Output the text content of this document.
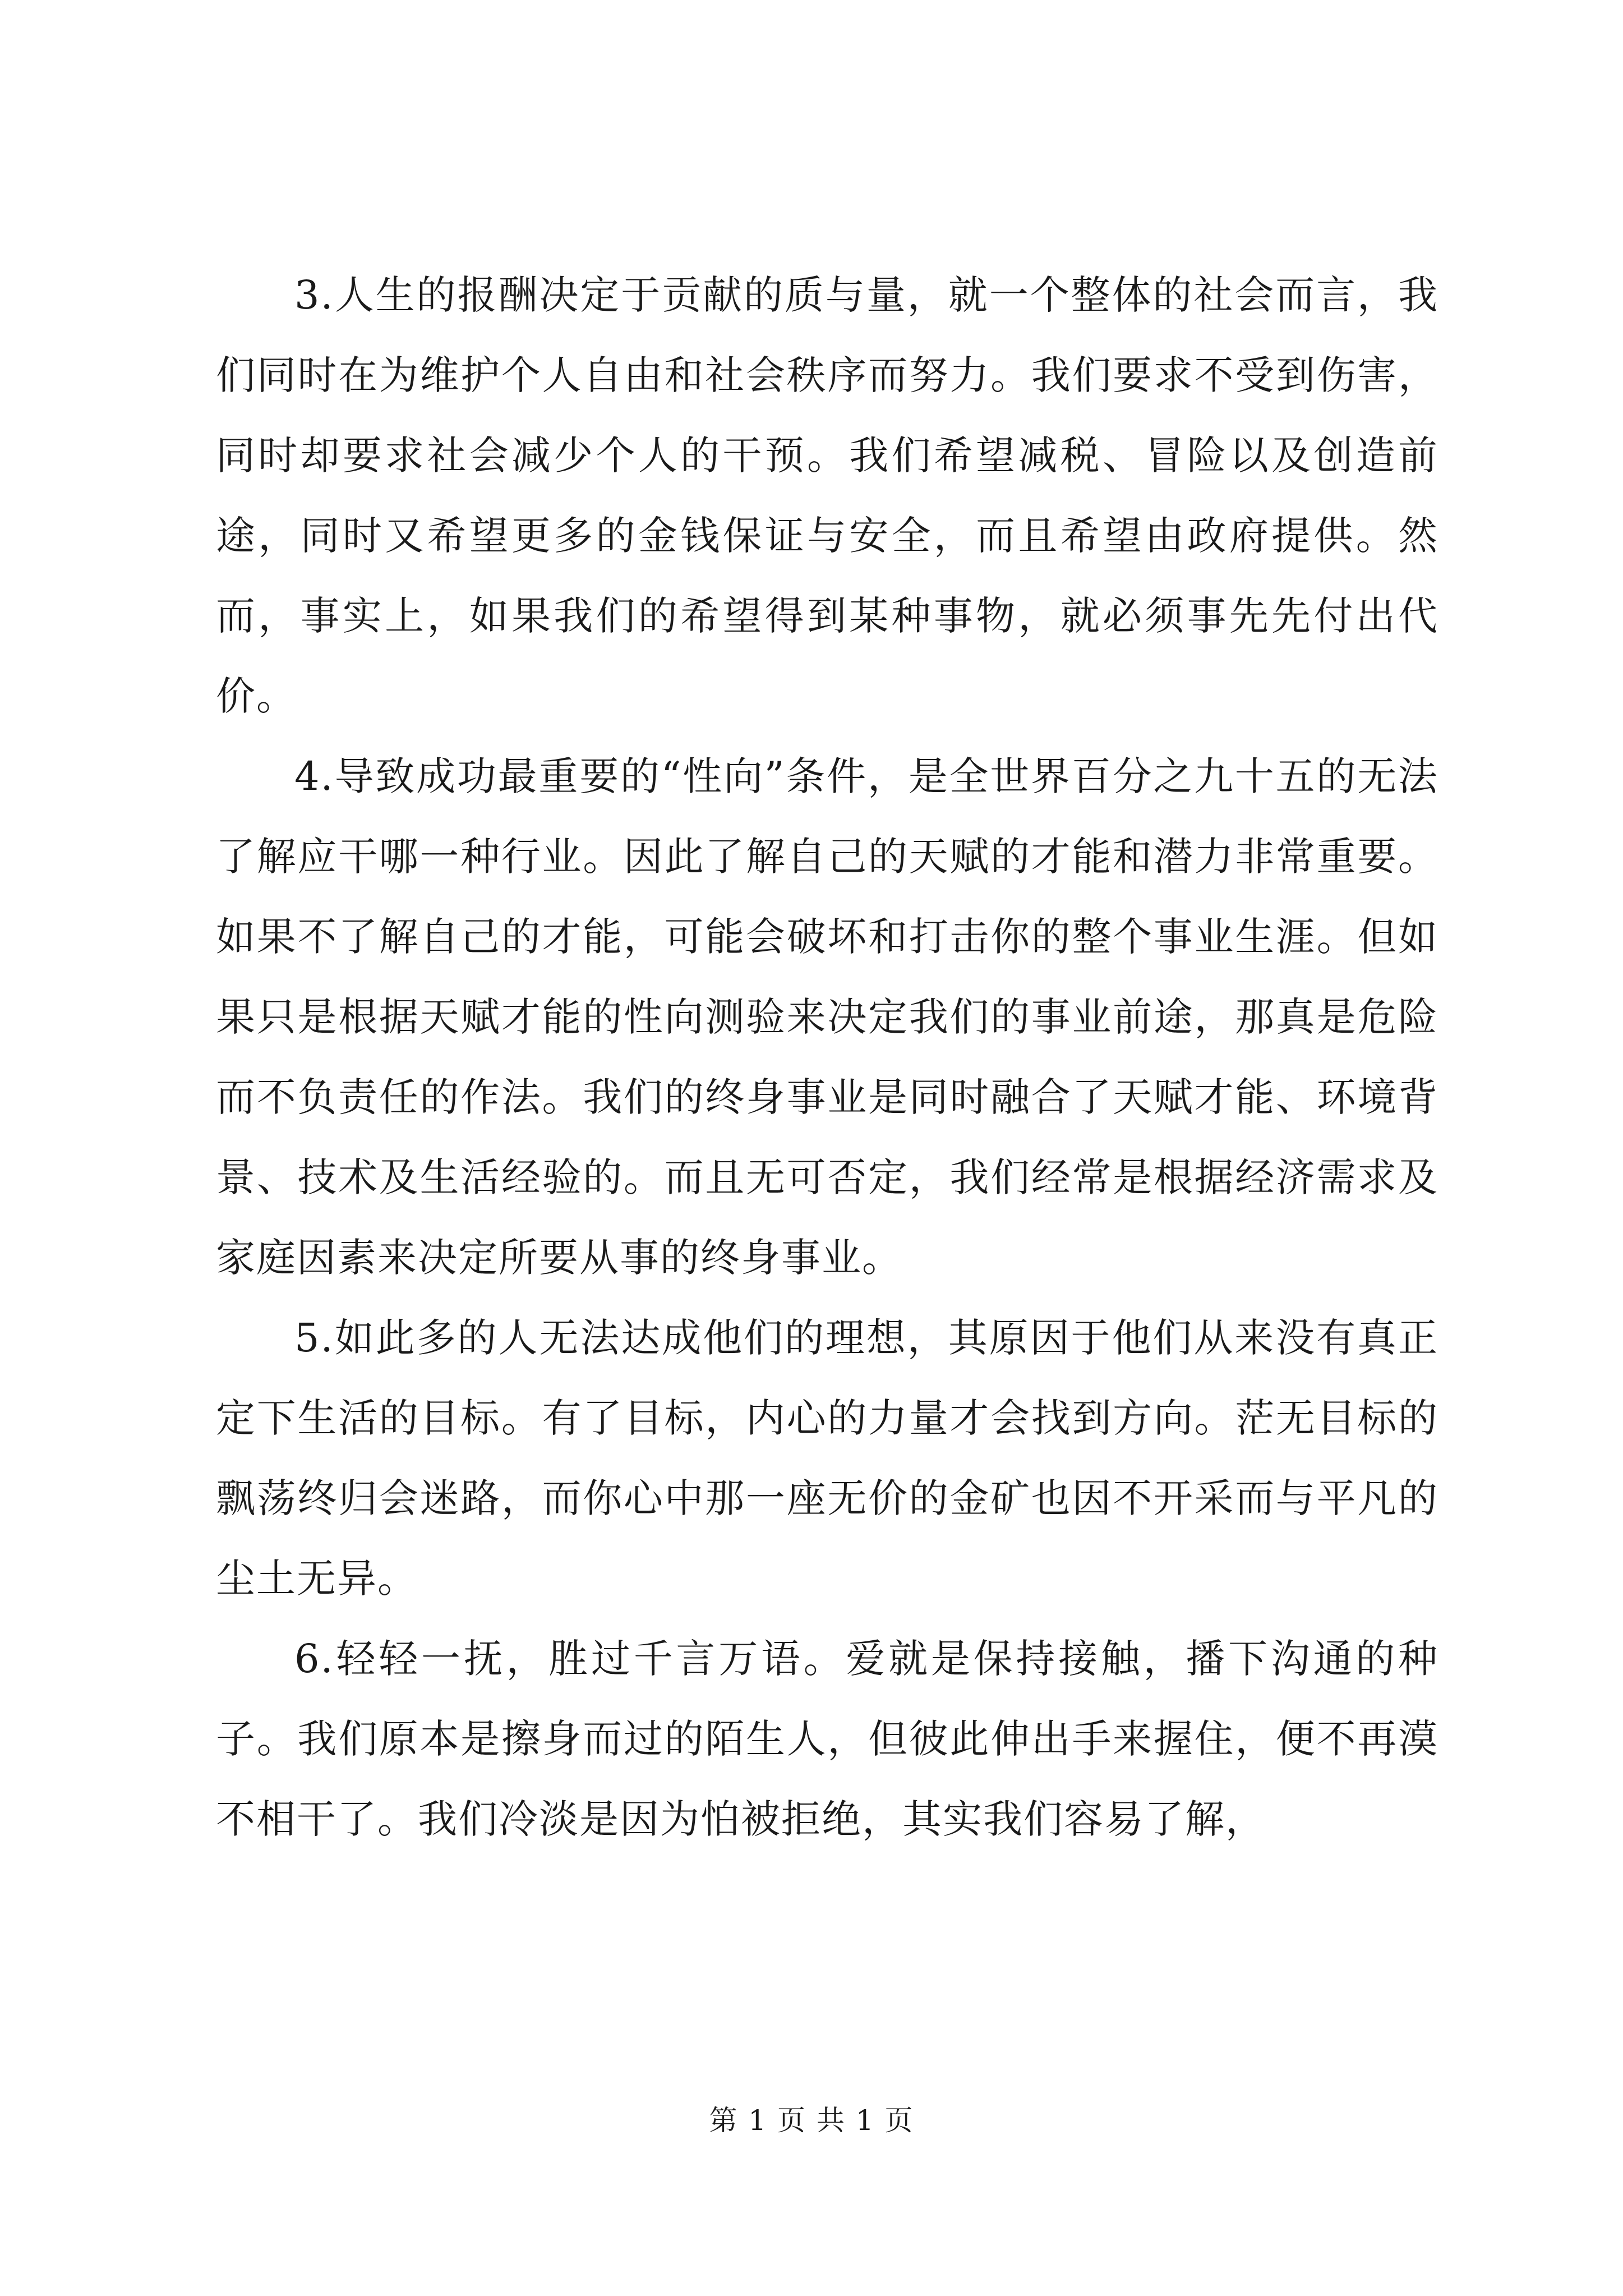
3.人生的报酬决定于贡献的质与量，就一个整体的社会而言，我们同时在为维护个人自由和社会秩序而努力。我们要求不受到伤害，同时却要求社会减少个人的干预。我们希望减税、冒险以及创造前途，同时又希望更多的金钱保证与安全，而且希望由政府提供。然而，事实上，如果我们的希望得到某种事物，就必须事先先付出代价。

4.导致成功最重要的“性向”条件，是全世界百分之九十五的无法了解应干哪一种行业。因此了解自己的天赋的才能和潜力非常重要。如果不了解自己的才能，可能会破坏和打击你的整个事业生涯。但如果只是根据天赋才能的性向测验来决定我们的事业前途，那真是危险而不负责任的作法。我们的终身事业是同时融合了天赋才能、环境背景、技术及生活经验的。而且无可否定，我们经常是根据经济需求及家庭因素来决定所要从事的终身事业。

5.如此多的人无法达成他们的理想，其原因于他们从来没有真正定下生活的目标。有了目标，内心的力量才会找到方向。茫无目标的飘荡终归会迷路，而你心中那一座无价的金矿也因不开采而与平凡的尘土无异。

6.轻轻一抚，胜过千言万语。爱就是保持接触，播下沟通的种子。我们原本是擦身而过的陌生人，但彼此伸出手来握住，便不再漠不相干了。我们冷淡是因为怕被拒绝，其实我们容易了解，

第 1 页 共 1 页
